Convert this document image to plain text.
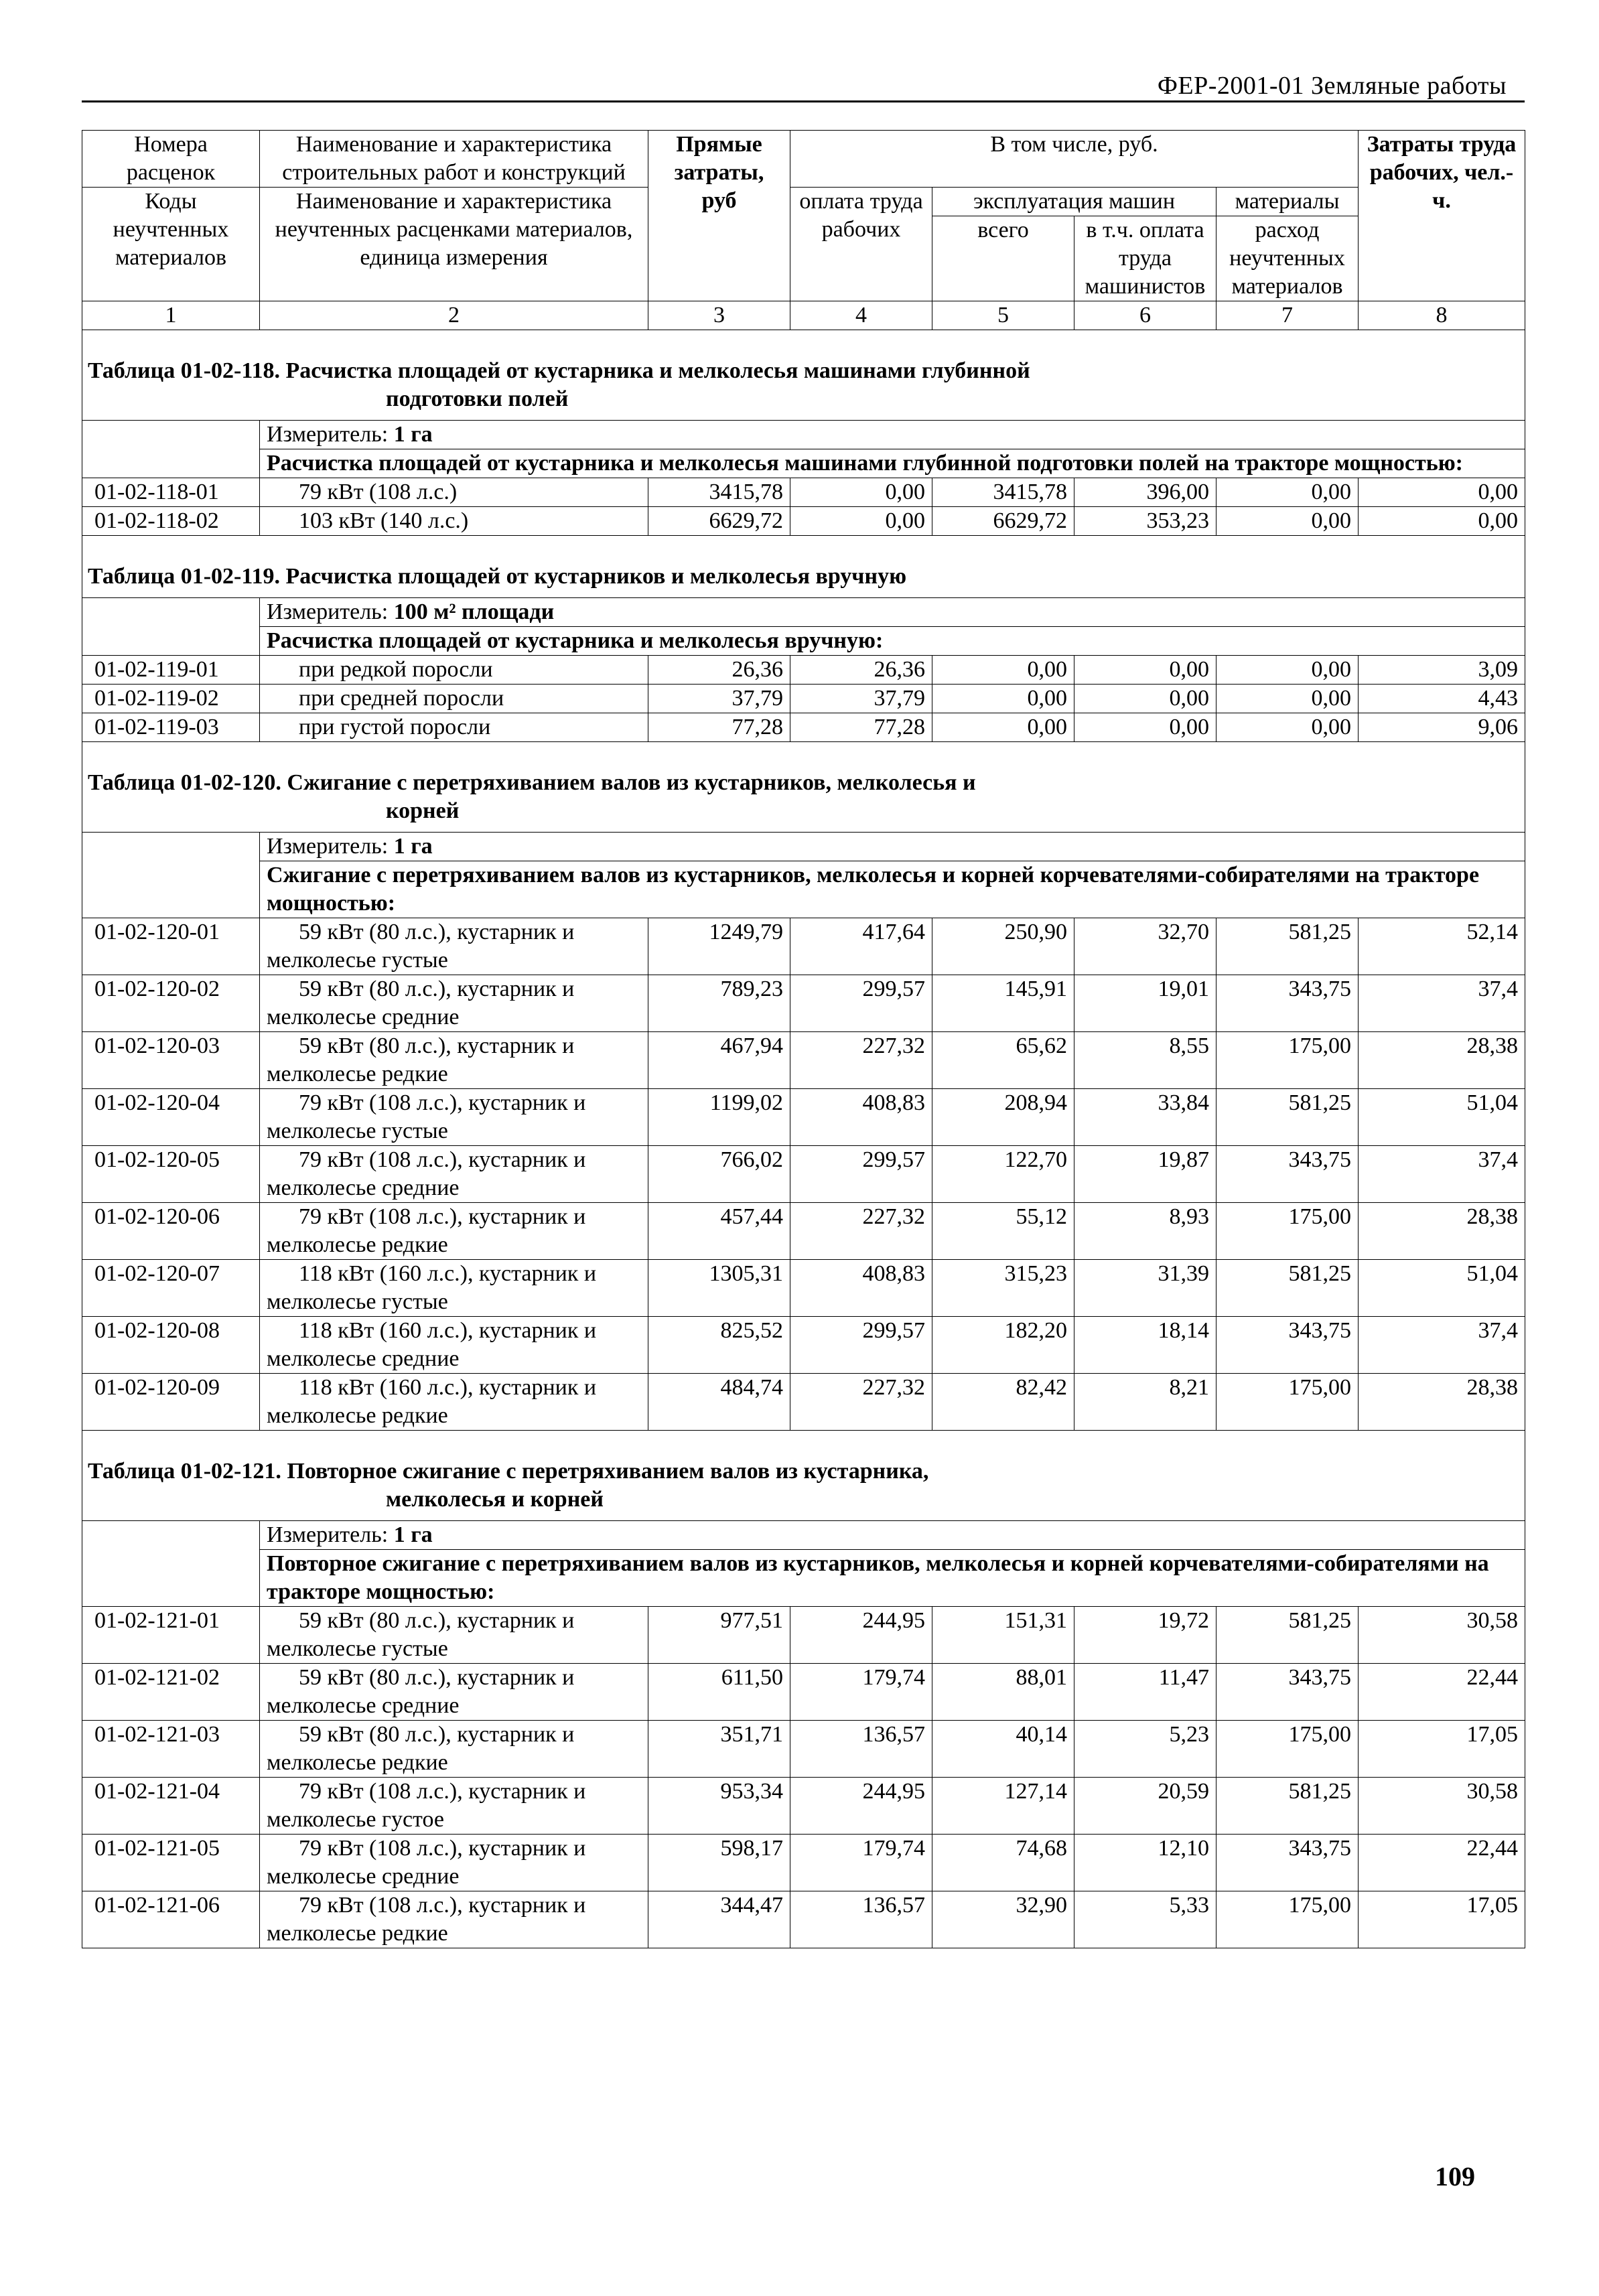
ФЕР-2001-01 Земляные работы
Номера расценок	Наименование и характеристика строительных работ и конструкций	Прямые затраты, руб	В том числе, руб.				Затраты труда рабочих, чел.-ч.
Коды неучтенных материалов	Наименование и характеристика неучтенных расценками материалов, единица измерения		оплата труда рабочих	эксплуатация машин		материалы	
				всего	в т.ч. оплата труда машинистов	расход неучтенных материалов	
1	2	3	4	5	6	7	8
Таблица 01-02-118. Расчистка площадей от кустарника и мелколесья машинами глубинной
подготовки полей							

	Измеритель: 1 га						
	Расчистка площадей от кустарника и мелколесья машинами глубинной подготовки полей на тракторе мощностью:						
01-02-118-01	79 кВт (108 л.с.)	3415,78	0,00	3415,78	396,00	0,00	0,00
01-02-118-02	103 кВт (140 л.с.)	6629,72	0,00	6629,72	353,23	0,00	0,00
Таблица 01-02-119. Расчистка площадей от кустарников и мелколесья вручную							
	Измеритель: 100 м² площади						
	Расчистка площадей от кустарника и мелколесья вручную:						
01-02-119-01	при редкой поросли	26,36	26,36	0,00	0,00	0,00	3,09
01-02-119-02	при средней поросли	37,79	37,79	0,00	0,00	0,00	4,43
01-02-119-03	при густой поросли	77,28	77,28	0,00	0,00	0,00	9,06
Таблица 01-02-120. Сжигание с перетряхиванием валов из кустарников, мелколесья и
корней							

	Измеритель: 1 га						
	Сжигание с перетряхиванием валов из кустарников, мелколесья и корней корчевателями-собирателями на тракторе мощностью:						
01-02-120-01	59 кВт (80 л.с.), кустарник и
мелколесье густые	1249,79	417,64	250,90	32,70	581,25	52,14
01-02-120-02	59 кВт (80 л.с.), кустарник и
мелколесье средние	789,23	299,57	145,91	19,01	343,75	37,4
01-02-120-03	59 кВт (80 л.с.), кустарник и
мелколесье редкие	467,94	227,32	65,62	8,55	175,00	28,38
01-02-120-04	79 кВт (108 л.с.), кустарник и
мелколесье густые	1199,02	408,83	208,94	33,84	581,25	51,04
01-02-120-05	79 кВт (108 л.с.), кустарник и
мелколесье средние	766,02	299,57	122,70	19,87	343,75	37,4
01-02-120-06	79 кВт (108 л.с.), кустарник и
мелколесье редкие	457,44	227,32	55,12	8,93	175,00	28,38
01-02-120-07	118 кВт (160 л.с.), кустарник и
мелколесье густые	1305,31	408,83	315,23	31,39	581,25	51,04
01-02-120-08	118 кВт (160 л.с.), кустарник и
мелколесье средние	825,52	299,57	182,20	18,14	343,75	37,4
01-02-120-09	118 кВт (160 л.с.), кустарник и
мелколесье редкие	484,74	227,32	82,42	8,21	175,00	28,38
Таблица 01-02-121. Повторное сжигание с перетряхиванием валов из кустарника,
мелколесья и корней							

	Измеритель: 1 га						
	Повторное сжигание с перетряхиванием валов из кустарников, мелколесья и корней корчевателями-собирателями на тракторе мощностью:						
01-02-121-01	59 кВт (80 л.с.), кустарник и
мелколесье густые	977,51	244,95	151,31	19,72	581,25	30,58
01-02-121-02	59 кВт (80 л.с.), кустарник и
мелколесье средние	611,50	179,74	88,01	11,47	343,75	22,44
01-02-121-03	59 кВт (80 л.с.), кустарник и
мелколесье редкие	351,71	136,57	40,14	5,23	175,00	17,05
01-02-121-04	79 кВт (108 л.с.), кустарник и
мелколесье густое	953,34	244,95	127,14	20,59	581,25	30,58
01-02-121-05	79 кВт (108 л.с.), кустарник и
мелколесье средние	598,17	179,74	74,68	12,10	343,75	22,44
01-02-121-06	79 кВт (108 л.с.), кустарник и
мелколесье редкие	344,47	136,57	32,90	5,33	175,00	17,05
109
